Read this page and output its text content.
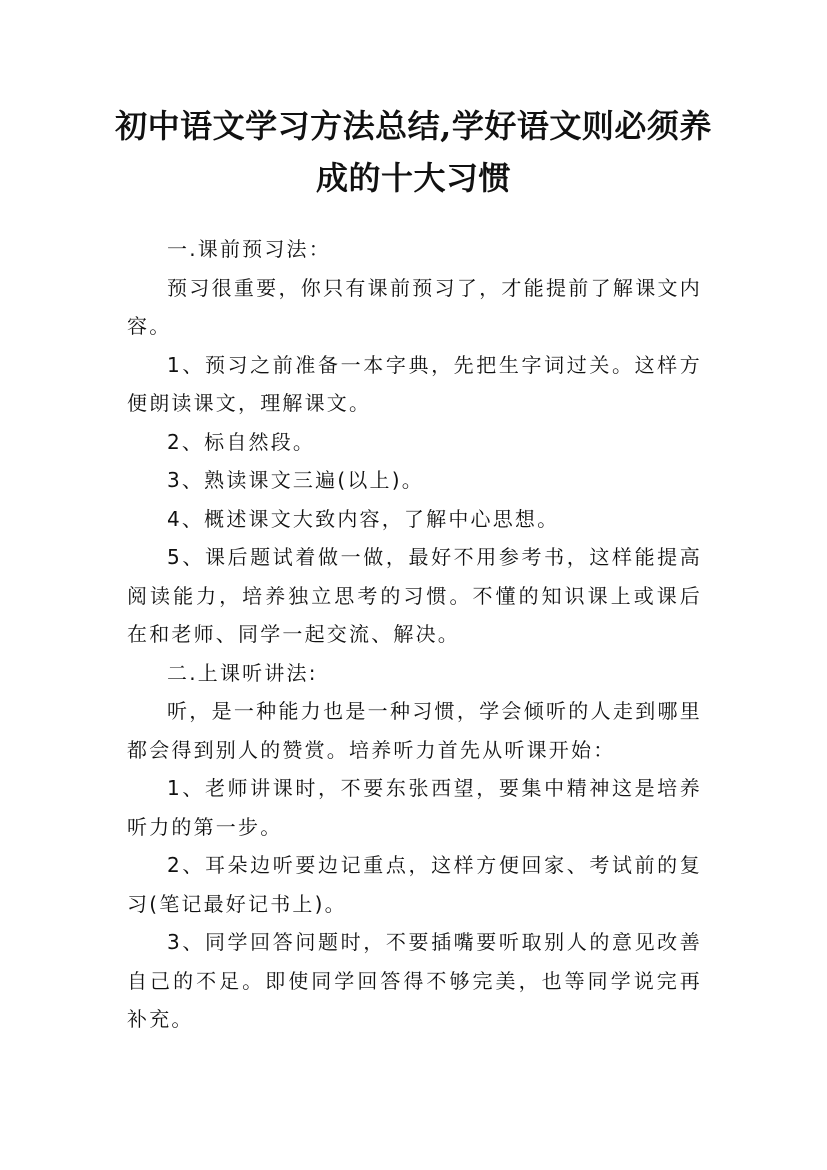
初中语文学习方法总结,学好语文则必须养成的十大习惯

一.课前预习法：

预习很重要，你只有课前预习了，才能提前了解课文内容。

1、预习之前准备一本字典，先把生字词过关。这样方便朗读课文，理解课文。

2、标自然段。

3、熟读课文三遍(以上)。

4、概述课文大致内容，了解中心思想。

5、课后题试着做一做，最好不用参考书，这样能提高阅读能力，培养独立思考的习惯。不懂的知识课上或课后在和老师、同学一起交流、解决。

二.上课听讲法:

听，是一种能力也是一种习惯，学会倾听的人走到哪里都会得到别人的赞赏。培养听力首先从听课开始：

1、老师讲课时，不要东张西望，要集中精神这是培养听力的第一步。

2、耳朵边听要边记重点，这样方便回家、考试前的复习(笔记最好记书上)。

3、同学回答问题时，不要插嘴要听取别人的意见改善自己的不足。即使同学回答得不够完美，也等同学说完再补充。
